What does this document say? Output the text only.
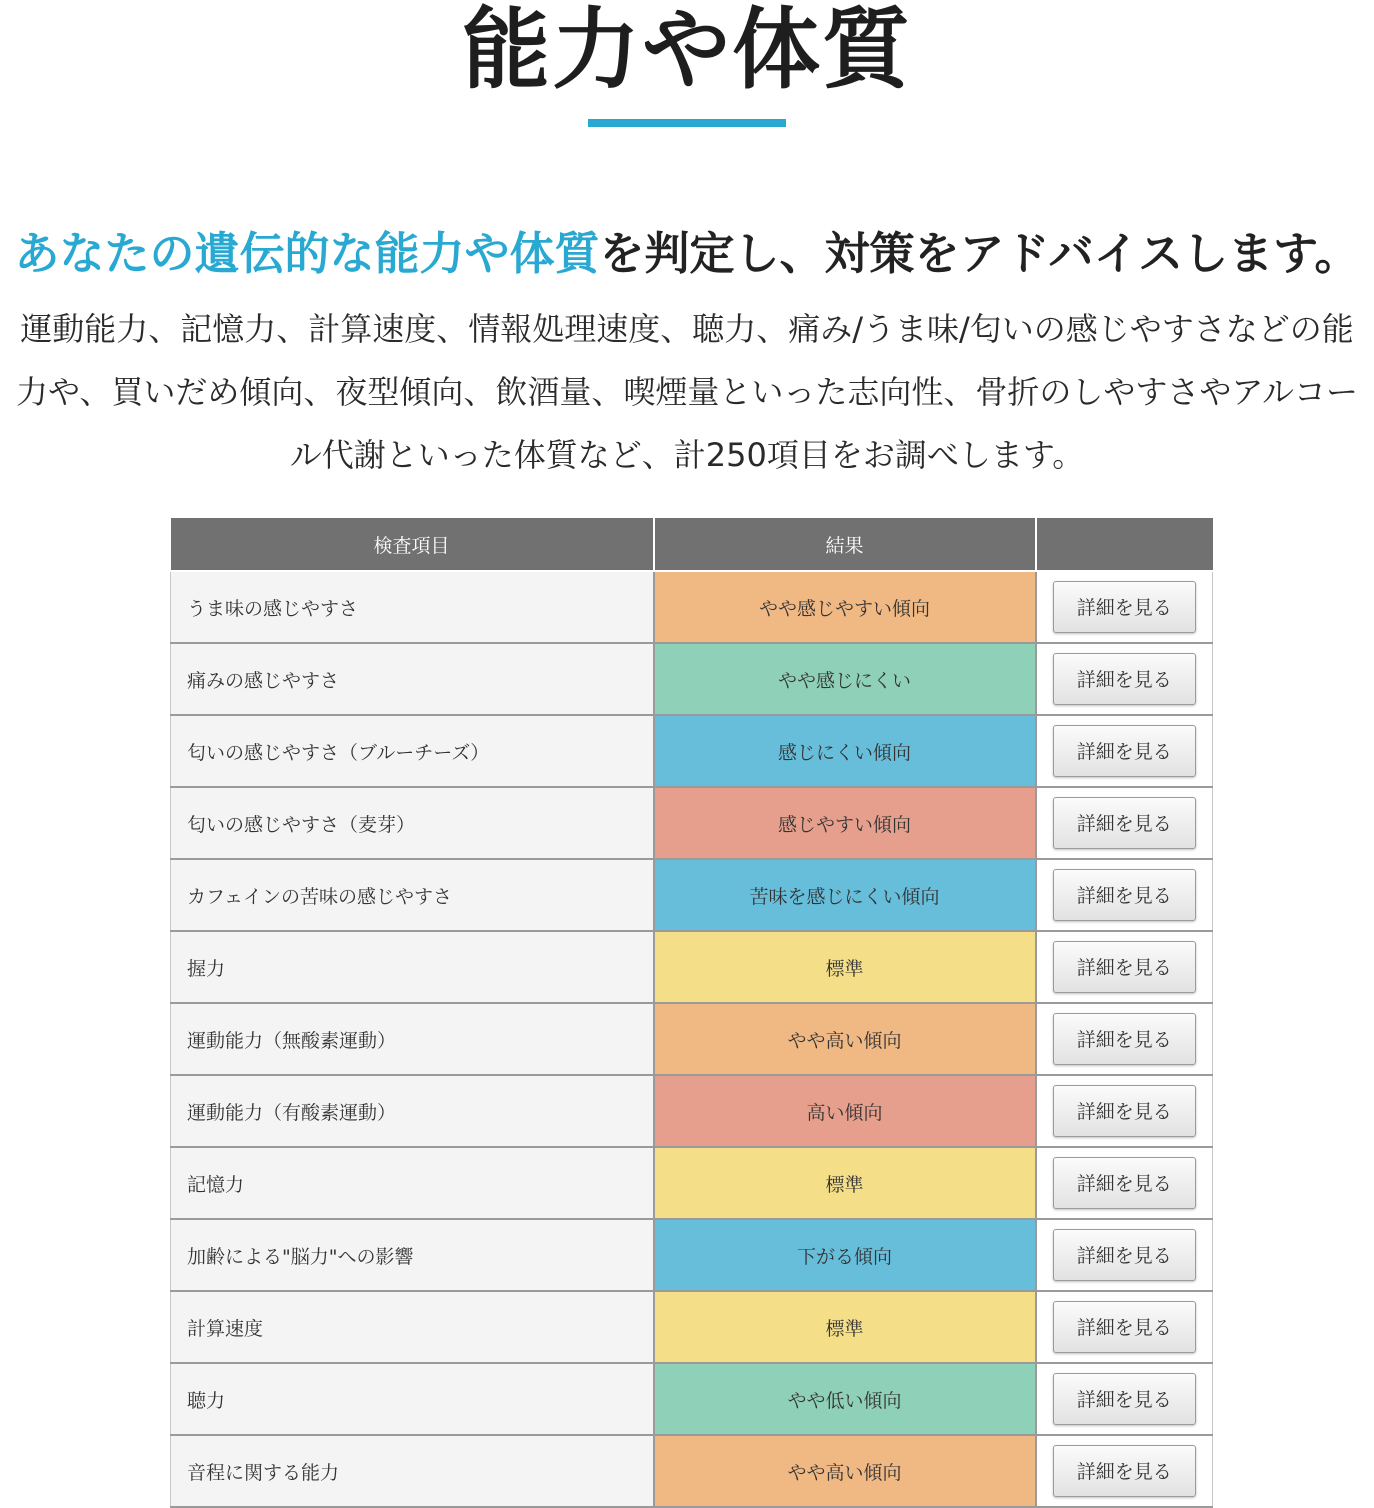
能力や体質
あなたの遺伝的な能力や体質を判定し、対策をアドバイスします。
運動能力、記憶力、計算速度、情報処理速度、聴力、痛み/うま味/匂いの感じやすさなどの能
力や、買いだめ傾向、夜型傾向、飲酒量、喫煙量といった志向性、骨折のしやすさやアルコー
ル代謝といった体質など、計250項目をお調べします。
検査項目	結果	
うま味の感じやすさ	やや感じやすい傾向	詳細を見る
痛みの感じやすさ	やや感じにくい	詳細を見る
匂いの感じやすさ（ブルーチーズ）	感じにくい傾向	詳細を見る
匂いの感じやすさ（麦芽）	感じやすい傾向	詳細を見る
カフェインの苦味の感じやすさ	苦味を感じにくい傾向	詳細を見る
握力	標準	詳細を見る
運動能力（無酸素運動）	やや高い傾向	詳細を見る
運動能力（有酸素運動）	高い傾向	詳細を見る
記憶力	標準	詳細を見る
加齢による"脳力"への影響	下がる傾向	詳細を見る
計算速度	標準	詳細を見る
聴力	やや低い傾向	詳細を見る
音程に関する能力	やや高い傾向	詳細を見る
